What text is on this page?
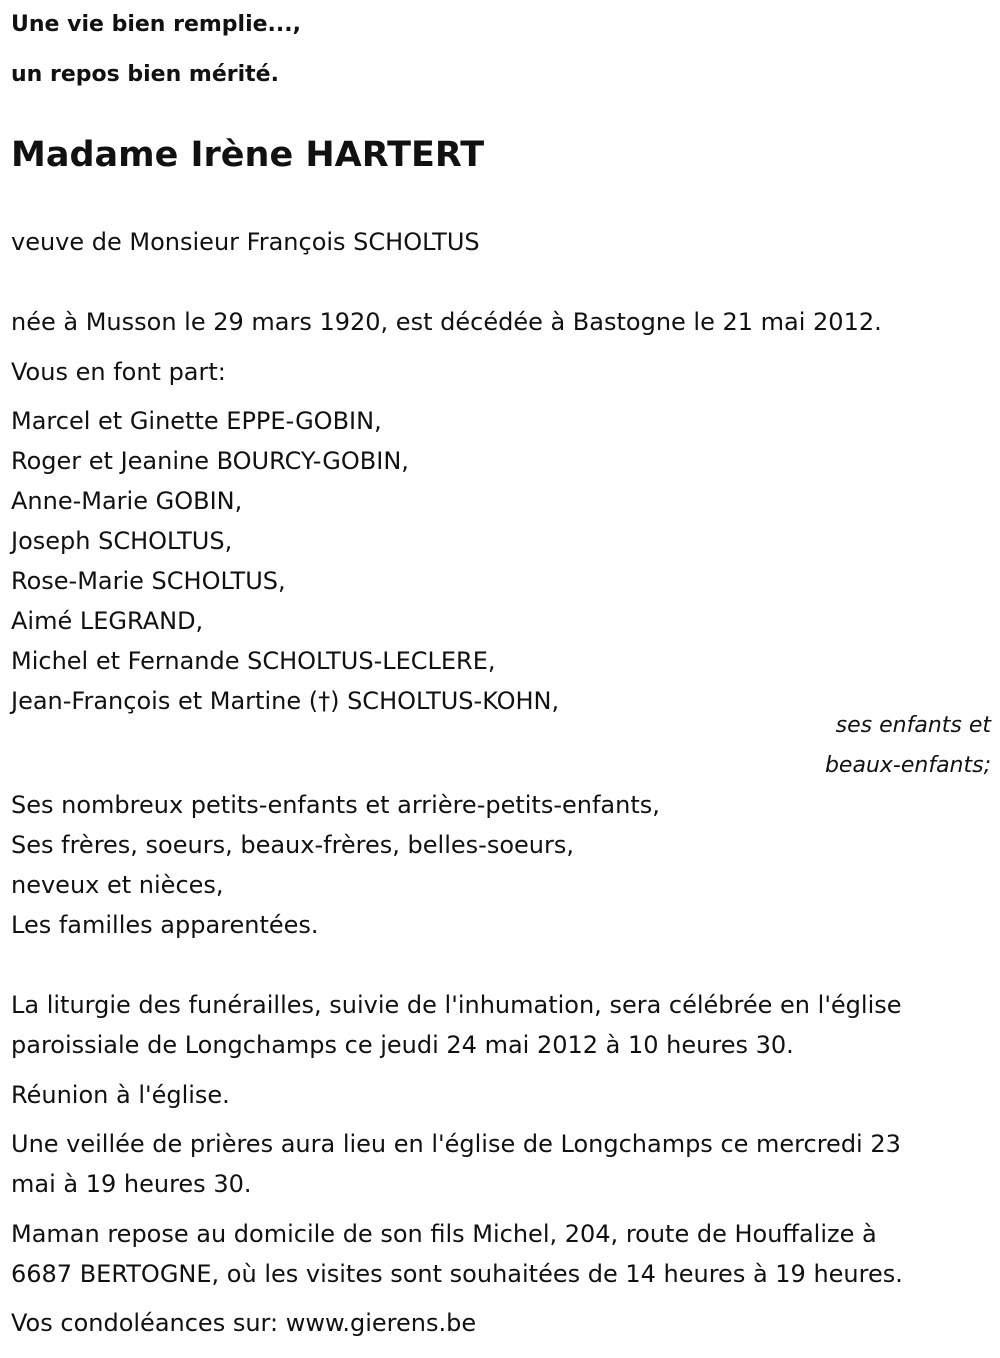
Une vie bien remplie...,

un repos bien mérité.

Madame Irène HARTERT

veuve de Monsieur François SCHOLTUS

née à Musson le 29 mars 1920, est décédée à Bastogne le 21 mai 2012.

Vous en font part:

Marcel et Ginette EPPE-GOBIN,

Roger et Jeanine BOURCY-GOBIN,

Anne-Marie GOBIN,

Joseph SCHOLTUS,

Rose-Marie SCHOLTUS,

Aimé LEGRAND,

Michel et Fernande SCHOLTUS-LECLERE,

Jean-François et Martine (†) SCHOLTUS-KOHN,

ses enfants et
beaux-enfants;

Ses nombreux petits-enfants et arrière-petits-enfants,

Ses frères, soeurs, beaux-frères, belles-soeurs,

neveux et nièces,

Les familles apparentées.

La liturgie des funérailles, suivie de l'inhumation, sera célébrée en l'église

paroissiale de Longchamps ce jeudi 24 mai 2012 à 10 heures 30.

Réunion à l'église.

Une veillée de prières aura lieu en l'église de Longchamps ce mercredi 23

mai à 19 heures 30.

Maman repose au domicile de son fils Michel, 204, route de Houffalize à

6687 BERTOGNE, où les visites sont souhaitées de 14 heures à 19 heures.

Vos condoléances sur: www.gierens.be
